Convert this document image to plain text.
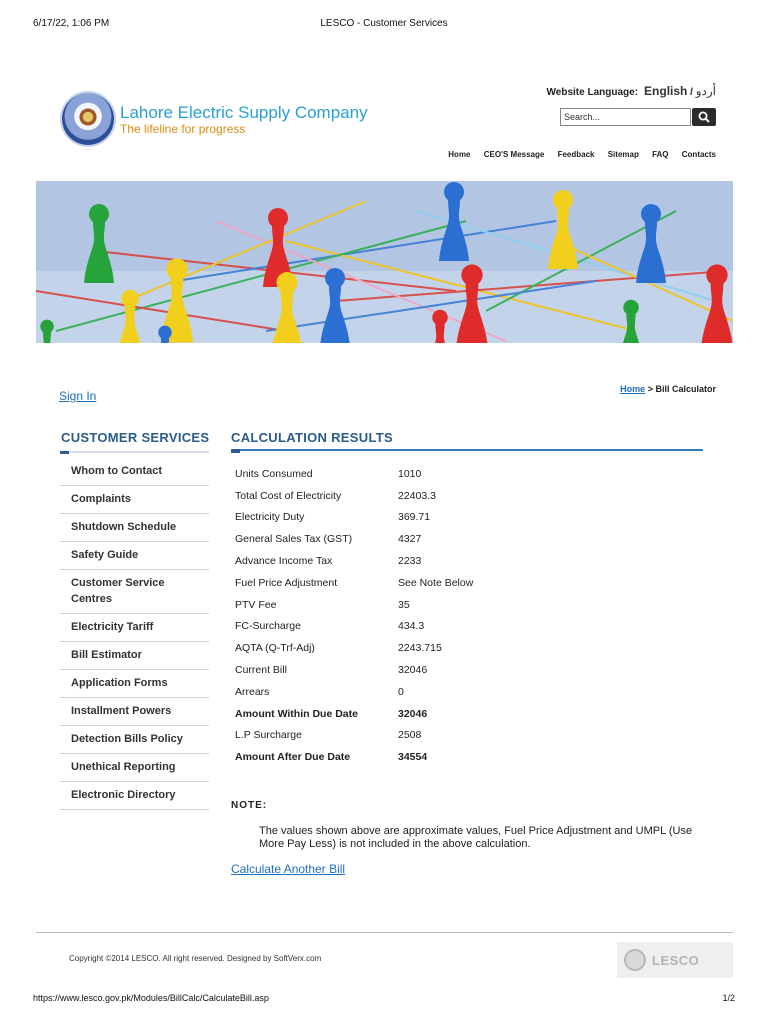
6/17/22, 1:06 PM	LESCO - Customer Services
Lahore Electric Supply Company
The lifeline for progress
Website Language: English / أردو
Search...
Home CEO'S Message Feedback Sitemap FAQ Contacts
Sign In	Home > Bill Calculator
CUSTOMER SERVICES
Whom to Contact
Complaints
Shutdown Schedule
Safety Guide
Customer Service Centres
Electricity Tariff
Bill Estimator
Application Forms
Installment Powers
Detection Bills Policy
Unethical Reporting
Electronic Directory
CALCULATION RESULTS
Units Consumed	1010
Total Cost of Electricity	22403.3
Electricity Duty	369.71
General Sales Tax (GST)	4327
Advance Income Tax	2233
Fuel Price Adjustment	See Note Below
PTV Fee	35
FC-Surcharge	434.3
AQTA (Q-Trf-Adj)	2243.715
Current Bill	32046
Arrears	0
Amount Within Due Date	32046
L.P Surcharge	2508
Amount After Due Date	34554
NOTE:
The values shown above are approximate values, Fuel Price Adjustment and UMPL (Use More Pay Less) is not included in the above calculation.
Calculate Another Bill
Copyright ©2014 LESCO. All right reserved. Designed by SoftVerx.com	LESCO
https://www.lesco.gov.pk/Modules/BillCalc/CalculateBill.asp	1/2
